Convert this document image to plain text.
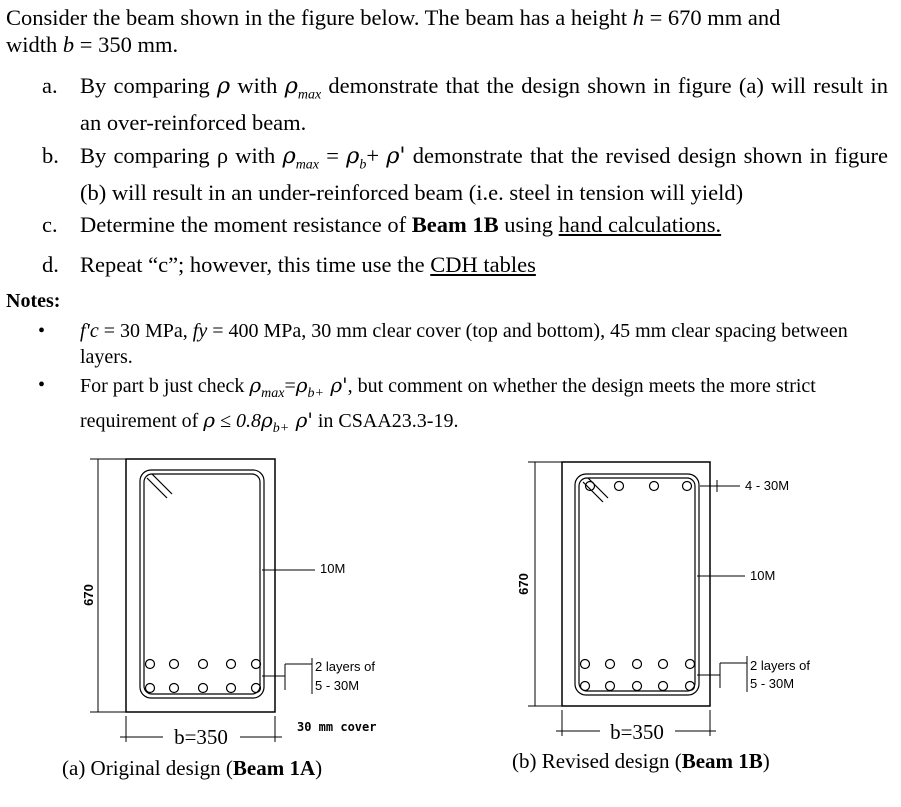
Consider the beam shown in the figure below. The beam has a height h = 670 mm and
width b = 350 mm.
a. By comparing ρ with $\rho_{max}$ demonstrate that the design shown in figure (a) will result in an over-reinforced beam.
b. By comparing ρ with $\rho_{max} = \rho_b+ \rho'$ demonstrate that the revised design shown in figure (b) will result in an under-reinforced beam (i.e. steel in tension will yield)
c. Determine the moment resistance of Beam 1B using hand calculations.
d. Repeat “c”; however, this time use the CDH tables
Notes:
• f'c = 30 MPa, fy = 400 MPa, 30 mm clear cover (top and bottom), 45 mm clear spacing between layers.
• For part b just check $\rho_{max}=\rho_{b+}$ ρ', but comment on whether the design meets the more strict requirement of $\rho \le 0.8\rho_{b+}$ ρ' in CSAA23.3-19.
670
10M
2 layers of
5 - 30M
b=350	30 mm cover
670
4 - 30M
10M
2 layers of
5 - 30M
b=350
(a) Original design (Beam 1A)	(b) Revised design (Beam 1B)
